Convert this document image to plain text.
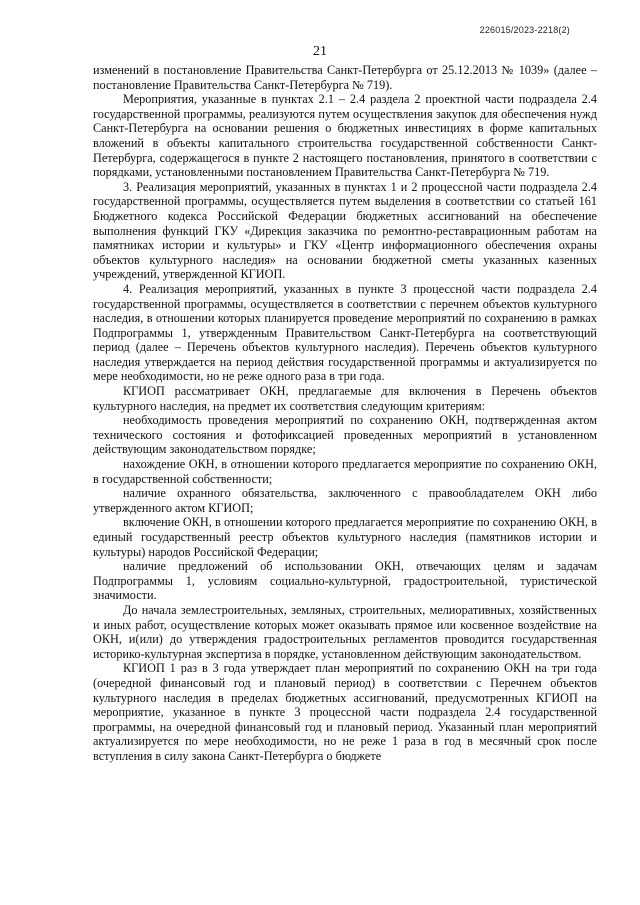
226015/2023-2218(2)
21

изменений в постановление Правительства Санкт-Петербурга от 25.12.2013 № 1039» (далее – постановление Правительства Санкт-Петербурга № 719).

Мероприятия, указанные в пунктах 2.1 – 2.4 раздела 2 проектной части подраздела 2.4 государственной программы, реализуются путем осуществления закупок для обеспечения нужд Санкт-Петербурга на основании решения о бюджетных инвестициях в форме капитальных вложений в объекты капитального строительства государственной собственности Санкт-Петербурга, содержащегося в пункте 2 настоящего постановления, принятого в соответствии с порядками, установленными постановлением Правительства Санкт-Петербурга № 719.

3. Реализация мероприятий, указанных в пунктах 1 и 2 процессной части подраздела 2.4 государственной программы, осуществляется путем выделения в соответствии со статьей 161 Бюджетного кодекса Российской Федерации бюджетных ассигнований на обеспечение выполнения функций ГКУ «Дирекция заказчика по ремонтно-реставрационным работам на памятниках истории и культуры» и ГКУ «Центр информационного обеспечения охраны объектов культурного наследия» на основании бюджетной сметы указанных казенных учреждений, утвержденной КГИОП.

4. Реализация мероприятий, указанных в пункте 3 процессной части подраздела 2.4 государственной программы, осуществляется в соответствии с перечнем объектов культурного наследия, в отношении которых планируется проведение мероприятий по сохранению в рамках Подпрограммы 1, утвержденным Правительством Санкт-Петербурга на соответствующий период (далее – Перечень объектов культурного наследия). Перечень объектов культурного наследия утверждается на период действия государственной программы и актуализируется по мере необходимости, но не реже одного раза в три года.

КГИОП рассматривает ОКН, предлагаемые для включения в Перечень объектов культурного наследия, на предмет их соответствия следующим критериям:

необходимость проведения мероприятий по сохранению ОКН, подтвержденная актом технического состояния и фотофиксацией проведенных мероприятий в установленном действующим законодательством порядке;

нахождение ОКН, в отношении которого предлагается мероприятие по сохранению ОКН, в государственной собственности;

наличие охранного обязательства, заключенного с правообладателем ОКН либо утвержденного актом КГИОП;

включение ОКН, в отношении которого предлагается мероприятие по сохранению ОКН, в единый государственный реестр объектов культурного наследия (памятников истории и культуры) народов Российской Федерации;

наличие предложений об использовании ОКН, отвечающих целям и задачам Подпрограммы 1, условиям социально-культурной, градостроительной, туристической значимости.

До начала землестроительных, земляных, строительных, мелиоративных, хозяйственных и иных работ, осуществление которых может оказывать прямое или косвенное воздействие на ОКН, и(или) до утверждения градостроительных регламентов проводится государственная историко-культурная экспертиза в порядке, установленном действующим законодательством.

КГИОП 1 раз в 3 года утверждает план мероприятий по сохранению ОКН на три года (очередной финансовый год и плановый период) в соответствии с Перечнем объектов культурного наследия в пределах бюджетных ассигнований, предусмотренных КГИОП на мероприятие, указанное в пункте 3 процессной части подраздела 2.4 государственной программы, на очередной финансовый год и плановый период. Указанный план мероприятий актуализируется по мере необходимости, но не реже 1 раза в год в месячный срок после вступления в силу закона Санкт-Петербурга о бюджете
